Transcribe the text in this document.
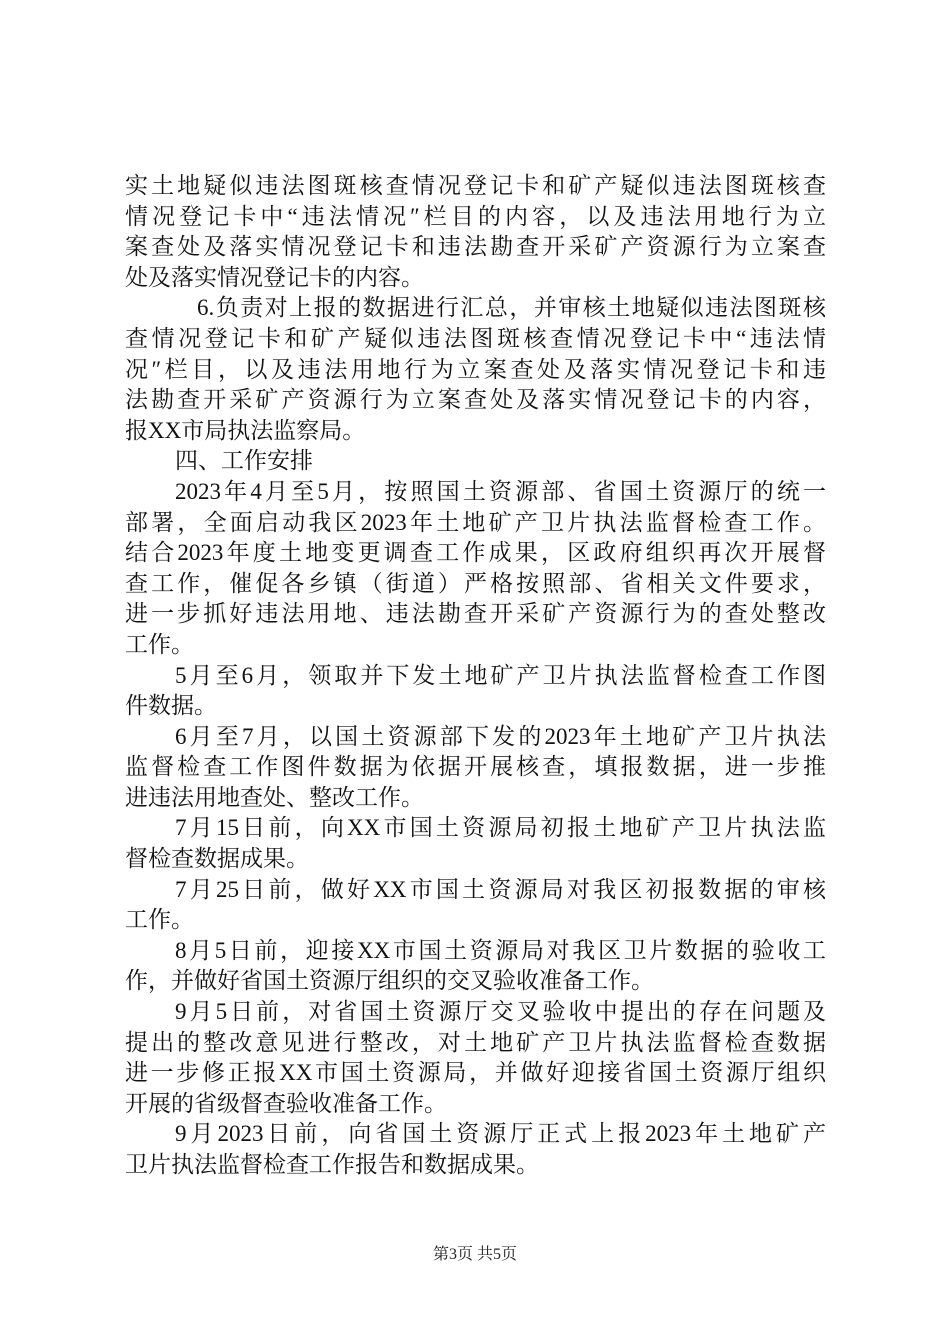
实土地疑似违法图斑核查情况登记卡和矿产疑似违法图斑核查
情况登记卡中“违法情况″栏目的内容，以及违法用地行为立
案查处及落实情况登记卡和违法勘查开采矿产资源行为立案查
处及落实情况登记卡的内容。
6.负责对上报的数据进行汇总，并审核土地疑似违法图斑核
查情况登记卡和矿产疑似违法图斑核查情况登记卡中“违法情
况″栏目，以及违法用地行为立案查处及落实情况登记卡和违
法勘查开采矿产资源行为立案查处及落实情况登记卡的内容，
报XX市局执法监察局。
四、工作安排
2023年4月至5月，按照国土资源部、省国土资源厅的统一
部署，全面启动我区2023年土地矿产卫片执法监督检查工作。
结合2023年度土地变更调查工作成果，区政府组织再次开展督
查工作，催促各乡镇（街道）严格按照部、省相关文件要求，
进一步抓好违法用地、违法勘查开采矿产资源行为的查处整改
工作。
5月至6月，领取并下发土地矿产卫片执法监督检查工作图
件数据。
6月至7月，以国土资源部下发的2023年土地矿产卫片执法
监督检查工作图件数据为依据开展核查，填报数据，进一步推
进违法用地查处、整改工作。
7月15日前，向XX市国土资源局初报土地矿产卫片执法监
督检查数据成果。
7月25日前，做好XX市国土资源局对我区初报数据的审核
工作。
8月5日前，迎接XX市国土资源局对我区卫片数据的验收工
作，并做好省国土资源厅组织的交叉验收准备工作。
9月5日前，对省国土资源厅交叉验收中提出的存在问题及
提出的整改意见进行整改，对土地矿产卫片执法监督检查数据
进一步修正报XX市国土资源局，并做好迎接省国土资源厅组织
开展的省级督查验收准备工作。
9月2023日前，向省国土资源厅正式上报2023年土地矿产
卫片执法监督检查工作报告和数据成果。
第3页 共5页
